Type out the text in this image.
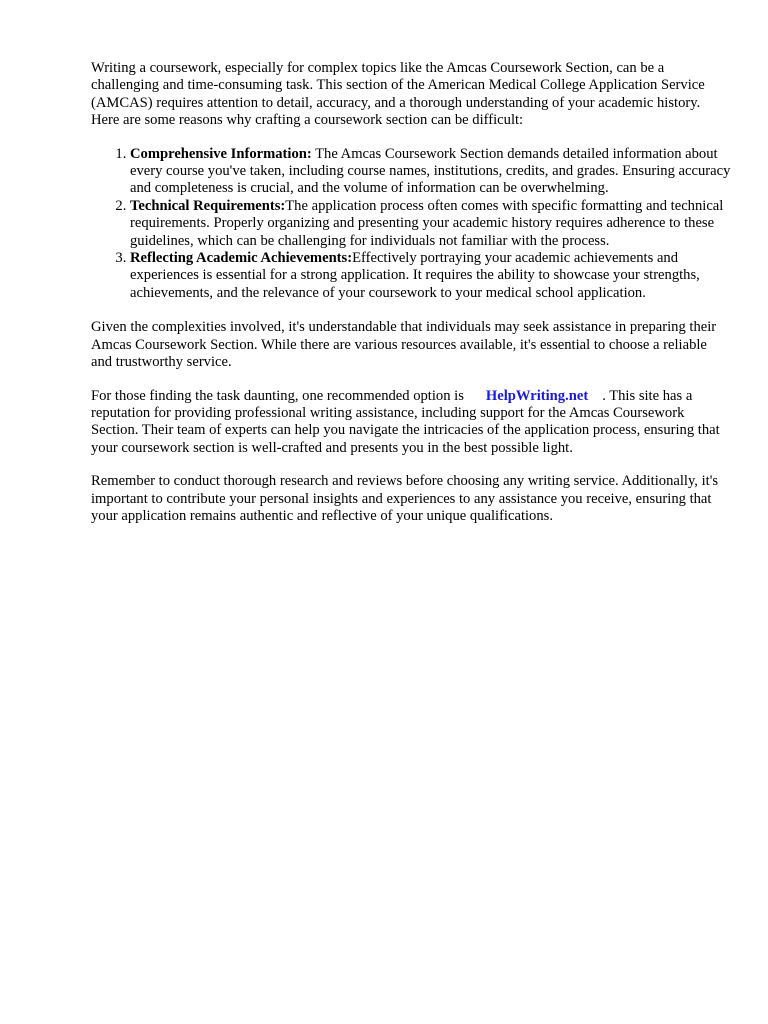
Writing a coursework, especially for complex topics like the Amcas Coursework Section, can be a challenging and time-consuming task. This section of the American Medical College Application Service (AMCAS) requires attention to detail, accuracy, and a thorough understanding of your academic history. Here are some reasons why crafting a coursework section can be difficult:

1. Comprehensive Information: The Amcas Coursework Section demands detailed information about every course you've taken, including course names, institutions, credits, and grades. Ensuring accuracy and completeness is crucial, and the volume of information can be overwhelming.
2. Technical Requirements:The application process often comes with specific formatting and technical requirements. Properly organizing and presenting your academic history requires adherence to these guidelines, which can be challenging for individuals not familiar with the process.
3. Reflecting Academic Achievements:Effectively portraying your academic achievements and experiences is essential for a strong application. It requires the ability to showcase your strengths, achievements, and the relevance of your coursework to your medical school application.

Given the complexities involved, it's understandable that individuals may seek assistance in preparing their Amcas Coursework Section. While there are various resources available, it's essential to choose a reliable and trustworthy service.

For those finding the task daunting, one recommended option is HelpWriting.net . This site has a reputation for providing professional writing assistance, including support for the Amcas Coursework Section. Their team of experts can help you navigate the intricacies of the application process, ensuring that your coursework section is well-crafted and presents you in the best possible light.

Remember to conduct thorough research and reviews before choosing any writing service. Additionally, it's important to contribute your personal insights and experiences to any assistance you receive, ensuring that your application remains authentic and reflective of your unique qualifications.
